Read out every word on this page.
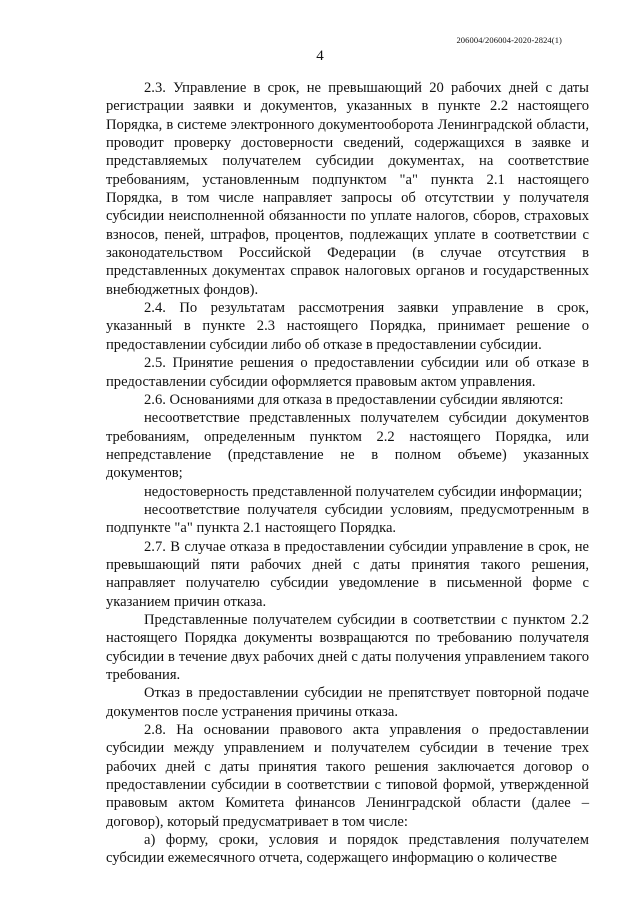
206004/206004-2020-2824(1)
4

2.3. Управление в срок, не превышающий 20 рабочих дней с даты регистрации заявки и документов, указанных в пункте 2.2 настоящего Порядка, в системе электронного документооборота Ленинградской области, проводит проверку достоверности сведений, содержащихся в заявке и представляемых получателем субсидии документах, на соответствие требованиям, установленным подпунктом "а" пункта 2.1 настоящего Порядка, в том числе направляет запросы об отсутствии у получателя субсидии неисполненной обязанности по уплате налогов, сборов, страховых взносов, пеней, штрафов, процентов, подлежащих уплате в соответствии с законодательством Российской Федерации (в случае отсутствия в представленных документах справок налоговых органов и государственных внебюджетных фондов).

2.4. По результатам рассмотрения заявки управление в срок, указанный в пункте 2.3 настоящего Порядка, принимает решение о предоставлении субсидии либо об отказе в предоставлении субсидии.

2.5. Принятие решения о предоставлении субсидии или об отказе в предоставлении субсидии оформляется правовым актом управления.

2.6. Основаниями для отказа в предоставлении субсидии являются:

несоответствие представленных получателем субсидии документов требованиям, определенным пунктом 2.2 настоящего Порядка, или непредставление (представление не в полном объеме) указанных документов;

недостоверность представленной получателем субсидии информации;

несоответствие получателя субсидии условиям, предусмотренным в подпункте "а" пункта 2.1 настоящего Порядка.

2.7. В случае отказа в предоставлении субсидии управление в срок, не превышающий пяти рабочих дней с даты принятия такого решения, направляет получателю субсидии уведомление в письменной форме с указанием причин отказа.

Представленные получателем субсидии в соответствии с пунктом 2.2 настоящего Порядка документы возвращаются по требованию получателя субсидии в течение двух рабочих дней с даты получения управлением такого требования.

Отказ в предоставлении субсидии не препятствует повторной подаче документов после устранения причины отказа.

2.8. На основании правового акта управления о предоставлении субсидии между управлением и получателем субсидии в течение трех рабочих дней с даты принятия такого решения заключается договор о предоставлении субсидии в соответствии с типовой формой, утвержденной правовым актом Комитета финансов Ленинградской области (далее – договор), который предусматривает в том числе:

а) форму, сроки, условия и порядок представления получателем субсидии ежемесячного отчета, содержащего информацию о количестве
